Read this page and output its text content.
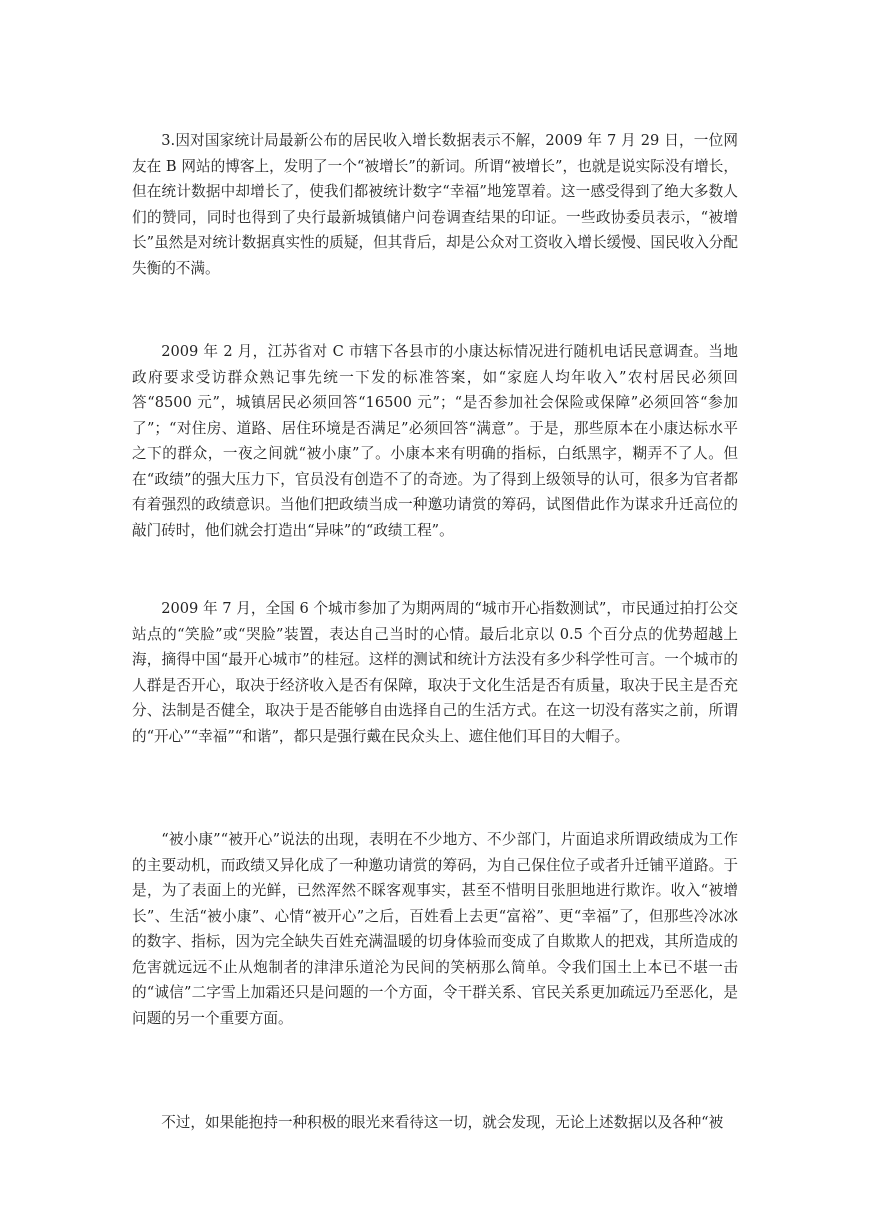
3.因对国家统计局最新公布的居民收入增长数据表示不解，2009 年 7 月 29 日，一位网友在 B 网站的博客上，发明了一个“被增长”的新词。所谓“被增长”，也就是说实际没有增长，但在统计数据中却增长了，使我们都被统计数字“幸福”地笼罩着。这一感受得到了绝大多数人们的赞同，同时也得到了央行最新城镇储户问卷调查结果的印证。一些政协委员表示，“被增长”虽然是对统计数据真实性的质疑，但其背后，却是公众对工资收入增长缓慢、国民收入分配失衡的不满。

2009 年 2 月，江苏省对 C 市辖下各县市的小康达标情况进行随机电话民意调查。当地政府要求受访群众熟记事先统一下发的标准答案，如“家庭人均年收入”农村居民必须回答“8500 元”，城镇居民必须回答“16500 元”；“是否参加社会保险或保障”必须回答“参加了”；“对住房、道路、居住环境是否满足”必须回答“满意”。于是，那些原本在小康达标水平之下的群众，一夜之间就“被小康”了。小康本来有明确的指标，白纸黑字，糊弄不了人。但在“政绩”的强大压力下，官员没有创造不了的奇迹。为了得到上级领导的认可，很多为官者都有着强烈的政绩意识。当他们把政绩当成一种邀功请赏的筹码，试图借此作为谋求升迁高位的敲门砖时，他们就会打造出“异味”的“政绩工程”。

2009 年 7 月，全国 6 个城市参加了为期两周的“城市开心指数测试”，市民通过拍打公交站点的“笑脸”或“哭脸”装置，表达自己当时的心情。最后北京以 0.5 个百分点的优势超越上海，摘得中国“最开心城市”的桂冠。这样的测试和统计方法没有多少科学性可言。一个城市的人群是否开心，取决于经济收入是否有保障，取决于文化生活是否有质量，取决于民主是否充分、法制是否健全，取决于是否能够自由选择自己的生活方式。在这一切没有落实之前，所谓的“开心”“幸福”“和谐”，都只是强行戴在民众头上、遮住他们耳目的大帽子。

“被小康”“被开心”说法的出现，表明在不少地方、不少部门，片面追求所谓政绩成为工作的主要动机，而政绩又异化成了一种邀功请赏的筹码，为自己保住位子或者升迁铺平道路。于是，为了表面上的光鲜，已然浑然不睬客观事实，甚至不惜明目张胆地进行欺诈。收入“被增长”、生活“被小康”、心情“被开心”之后，百姓看上去更“富裕”、更“幸福”了，但那些冷冰冰的数字、指标，因为完全缺失百姓充满温暖的切身体验而变成了自欺欺人的把戏，其所造成的危害就远远不止从炮制者的津津乐道沦为民间的笑柄那么简单。令我们国土上本已不堪一击的“诚信”二字雪上加霜还只是问题的一个方面，令干群关系、官民关系更加疏远乃至恶化，是问题的另一个重要方面。

不过，如果能抱持一种积极的眼光来看待这一切，就会发现，无论上述数据以及各种“被
